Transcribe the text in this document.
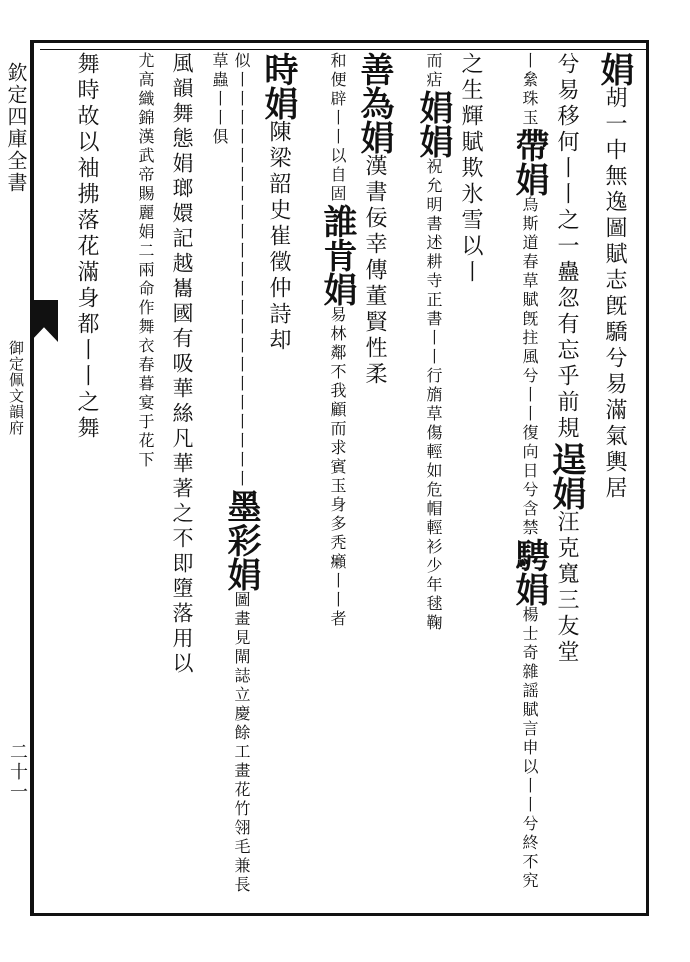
欽定四庫全書
御定佩文韻府
二十一
娟胡一中無逸圖賦志旣驕兮易滿氣輿居
兮易移何丨丨之一蠱忽有忘乎前規逞娟汪克寬三友堂
丨絫珠玉帶娟烏斯道春草賦旣拄風兮丨丨復向日兮含禁騁娟楊士奇雜謡賦言申以丨丨兮終不究
之生輝賦欺氷雪以丨
而痁娟娟祝允明書述耕寺正書丨丨行旓草傷輕如危帽輕衫少年毬鞠
善為娟漢書佞幸傳董賢性柔
和便辟丨丨以自固誰肯娟易林鄰不我顧而求賓玉身多秃癩丨丨者
時娟陳梁韶史崔徵仲詩却
似丨丨丨丨丨丨丨丨丨丨丨丨丨丨丨丨丨丨丨丨丨丨墨彩娟圖畫見閘誌立慶餘工畫花竹翎毛兼長草蟲丨丨俱
風韻舞態娟瑯嬛記越巂國有吸華絲凡華著之不即墮落用以
尤高織錦漢武帝賜麗娟二兩命作舞衣春暮宴于花下
舞時故以袖拂落花滿身都丨丨之舞
